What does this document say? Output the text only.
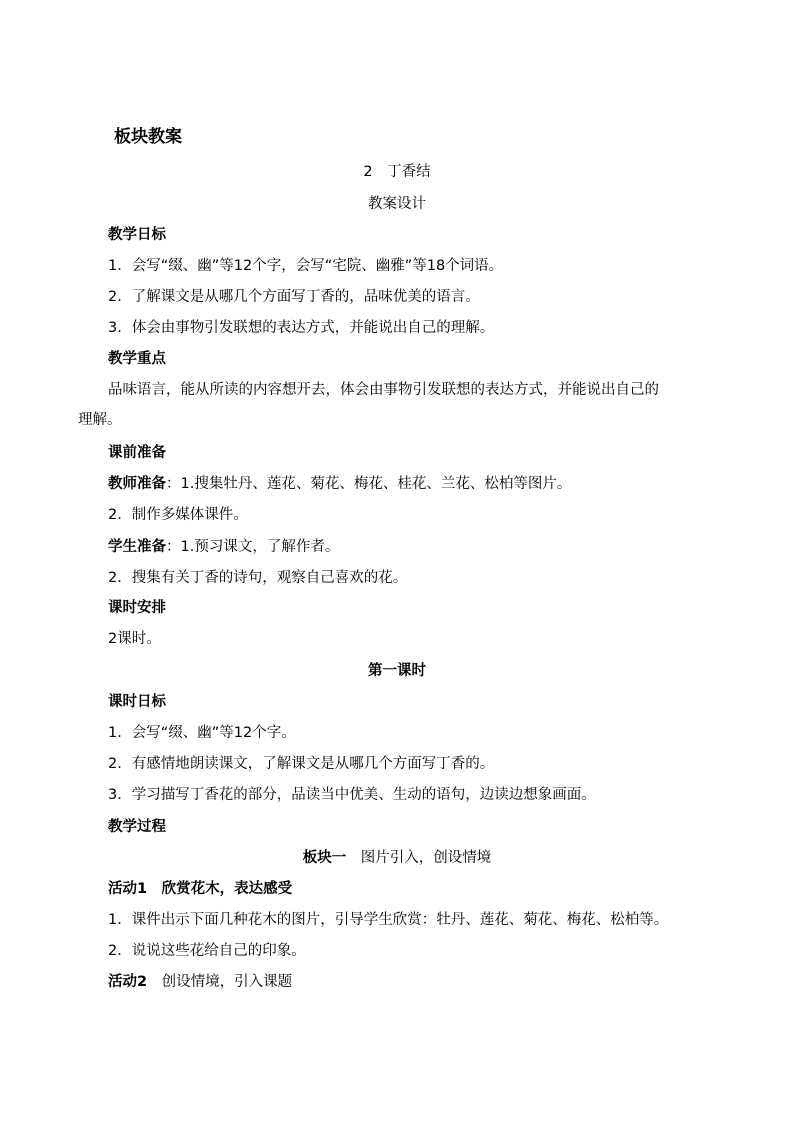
板块教案
2　丁香结
教案设计
教学日标
1．会写“缀、幽”等12个字，会写“宅院、幽雅”等18个词语。
2．了解课文是从哪几个方面写丁香的，品味优美的语言。
3．体会由事物引发联想的表达方式，并能说出自己的理解。
教学重点
品味语言，能从所读的内容想开去，体会由事物引发联想的表达方式，并能说出自己的
理解。
课前准备
教师准备：1.搜集牡丹、莲花、菊花、梅花、桂花、兰花、松柏等图片。
2．制作多媒体课件。
学生准备：1.预习课文，了解作者。
2．搜集有关丁香的诗句，观察自己喜欢的花。
课时安排
2课时。
第一课时
课时日标
1．会写“缀、幽”等12个字。
2．有感情地朗读课文，了解课文是从哪几个方面写丁香的。
3．学习描写丁香花的部分，品读当中优美、生动的语句，边读边想象画面。
教学过程
板块一　图片引入，创设情境
活动1　欣赏花木，表达感受
1．课件出示下面几种花木的图片，引导学生欣赏：牡丹、莲花、菊花、梅花、松柏等。
2．说说这些花给自己的印象。
活动2　创设情境，引入课题
